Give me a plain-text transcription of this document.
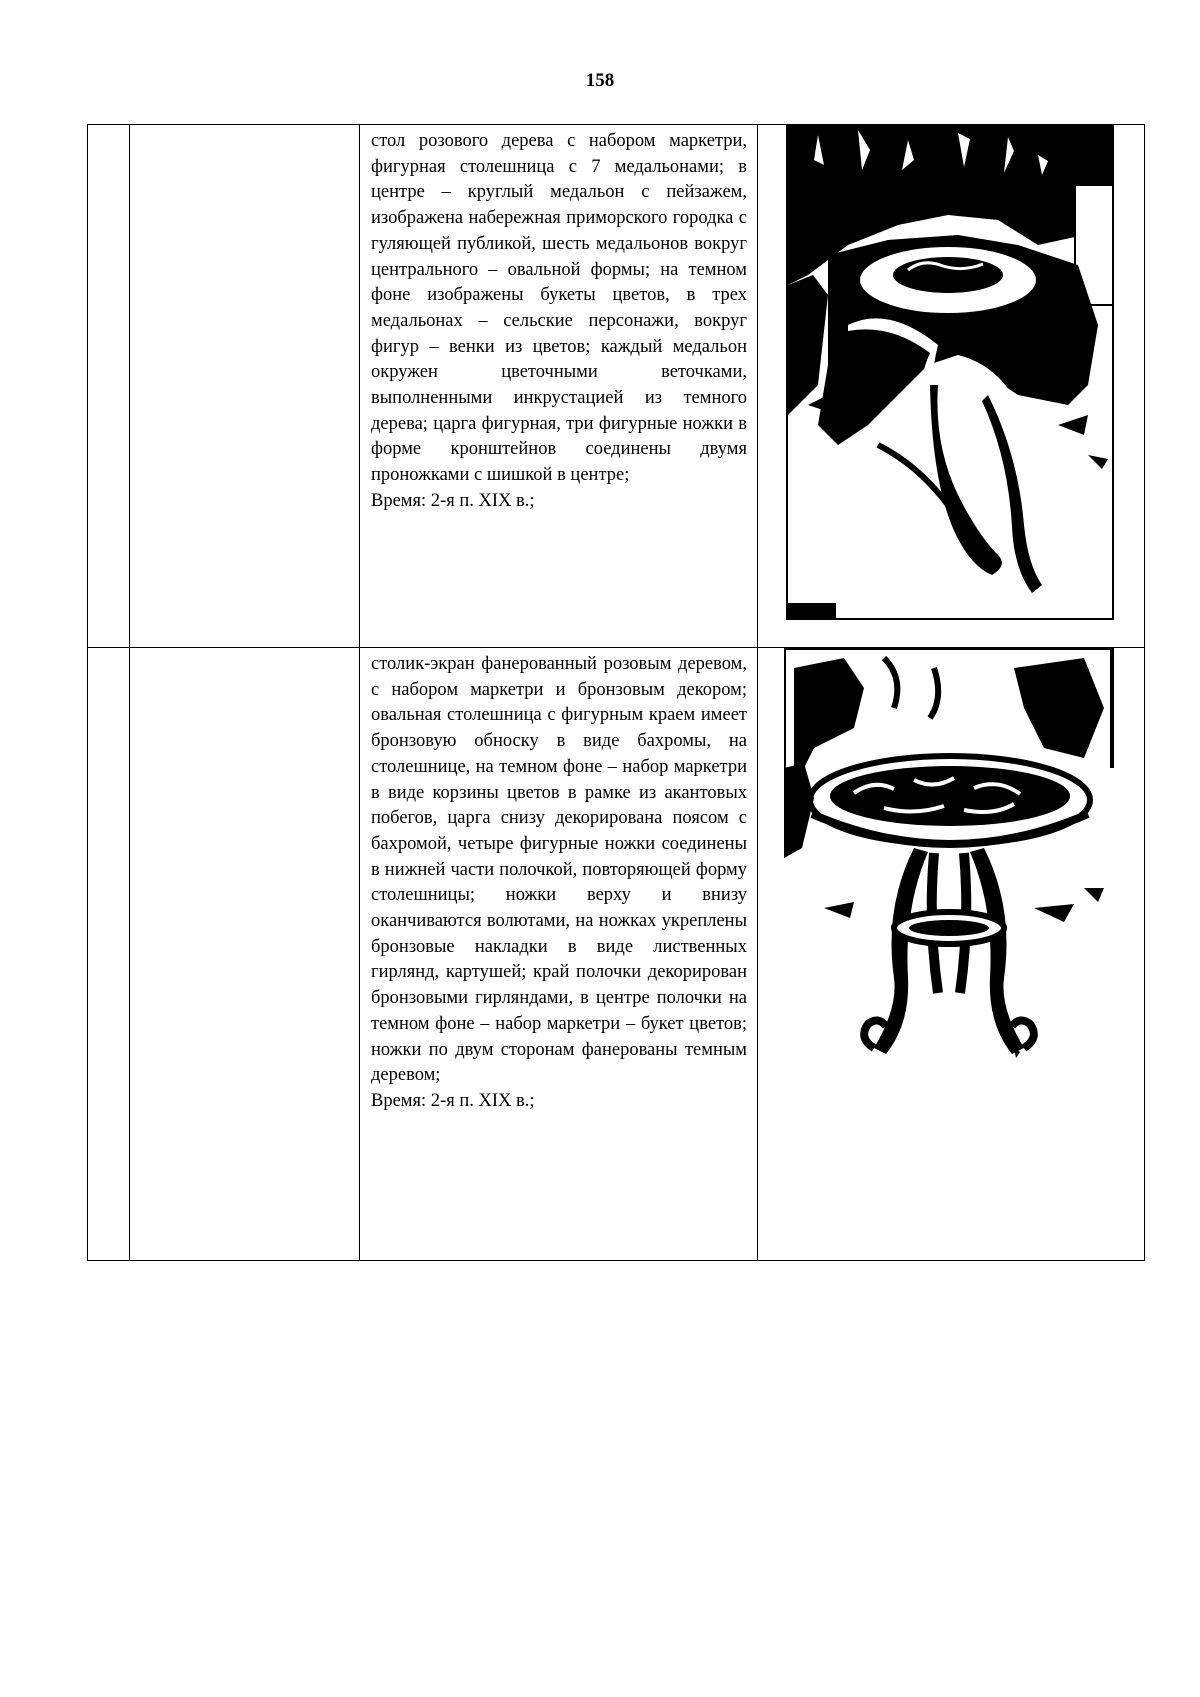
158

		стол розового дерева с набором маркетри, фигурная столешница с 7 медальонами; в центре – круглый медальон с пейзажем, изображена набережная приморского городка с гуляющей публикой, шесть медальонов вокруг центрального – овальной формы; на темном фоне изображены букеты цветов, в трех медальонах – сельские персонажи, вокруг фигур – венки из цветов; каждый медальон окружен цветочными веточками, выполненными инкрустацией из темного дерева; царга фигурная, три фигурные ножки в форме кронштейнов соединены двумя проножками с шишкой в центре;
Время: 2-я п. XIX в.;

		столик-экран фанерованный розовым деревом, с набором маркетри и бронзовым декором; овальная столешница с фигурным краем имеет бронзовую обноску в виде бахромы, на столешнице, на темном фоне – набор маркетри в виде корзины цветов в рамке из акантовых побегов, царга снизу декорирована поясом с бахромой, четыре фигурные ножки соединены в нижней части полочкой, повторяющей форму столешницы; ножки верху и внизу оканчиваются волютами, на ножках укреплены бронзовые накладки в виде лиственных гирлянд, картушей; край полочки декорирован бронзовыми гирляндами, в центре полочки на темном фоне – набор маркетри – букет цветов; ножки по двум сторонам фанерованы темным деревом;
Время: 2-я п. XIX в.;
